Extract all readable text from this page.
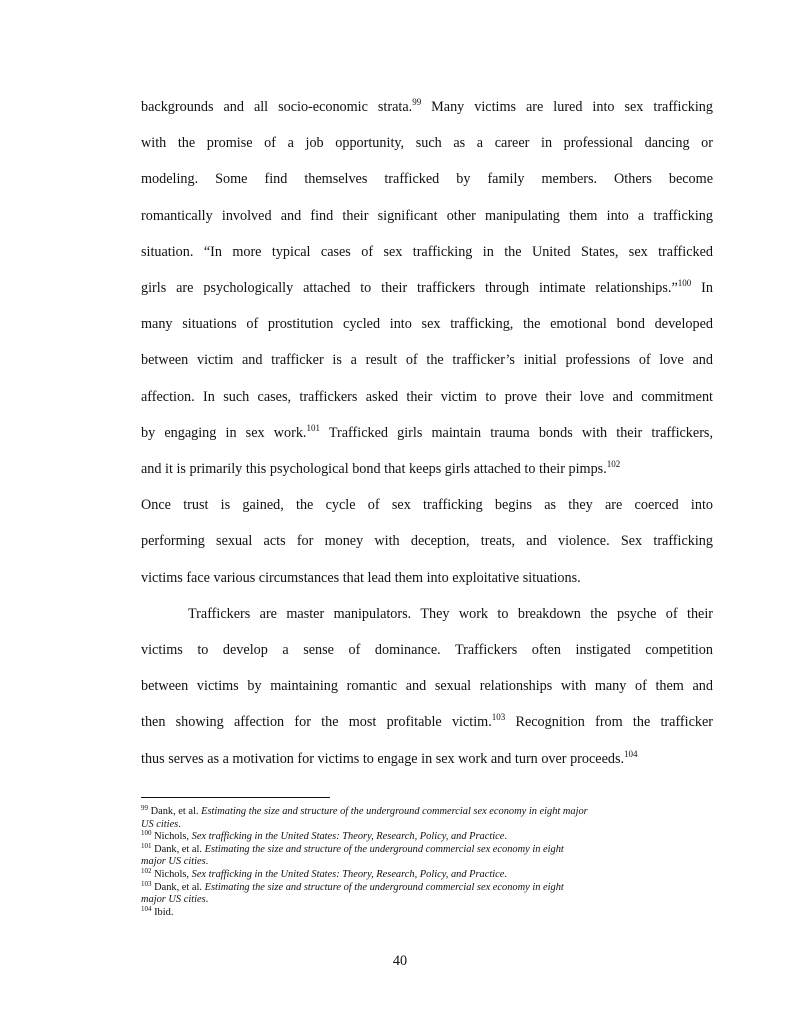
backgrounds and all socio-economic strata.$^{99}$ Many victims are lured into sex trafficking
with the promise of a job opportunity, such as a career in professional dancing or
modeling. Some find themselves trafficked by family members. Others become
romantically involved and find their significant other manipulating them into a trafficking
situation. “In more typical cases of sex trafficking in the United States, sex trafficked
girls are psychologically attached to their traffickers through intimate relationships.”$^{100}$ In
many situations of prostitution cycled into sex trafficking, the emotional bond developed
between victim and trafficker is a result of the trafficker’s initial professions of love and
affection. In such cases, traffickers asked their victim to prove their love and commitment
by engaging in sex work.$^{101}$ Trafficked girls maintain trauma bonds with their traffickers,
and it is primarily this psychological bond that keeps girls attached to their pimps.$^{102}$
Once trust is gained, the cycle of sex trafficking begins as they are coerced into
performing sexual acts for money with deception, treats, and violence. Sex trafficking
victims face various circumstances that lead them into exploitative situations.
Traffickers are master manipulators. They work to breakdown the psyche of their
victims to develop a sense of dominance. Traffickers often instigated competition
between victims by maintaining romantic and sexual relationships with many of them and
then showing affection for the most profitable victim.$^{103}$ Recognition from the trafficker
thus serves as a motivation for victims to engage in sex work and turn over proceeds.$^{104}$
$^{99}$ Dank, et al. Estimating the size and structure of the underground commercial sex economy in eight major
US cities.
$^{100}$ Nichols, Sex trafficking in the United States: Theory, Research, Policy, and Practice.
$^{101}$ Dank, et al. Estimating the size and structure of the underground commercial sex economy in eight
major US cities.
$^{102}$ Nichols, Sex trafficking in the United States: Theory, Research, Policy, and Practice.
$^{103}$ Dank, et al. Estimating the size and structure of the underground commercial sex economy in eight
major US cities.
$^{104}$ Ibid.
40
